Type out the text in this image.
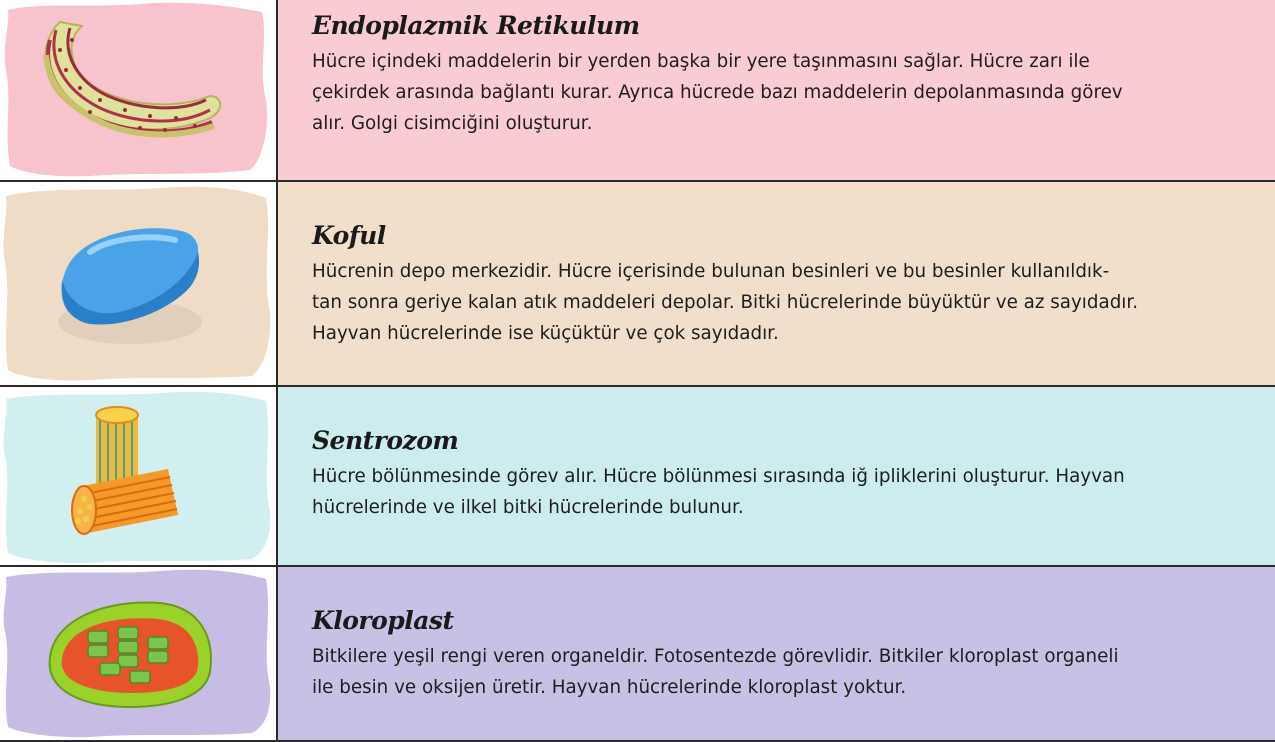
Endoplazmik Retikulum

Hücre içindeki maddelerin bir yerden başka bir yere taşınmasını sağlar. Hücre zarı ile
çekirdek arasında bağlantı kurar. Ayrıca hücrede bazı maddelerin depolanmasında görev
alır. Golgi cisimciğini oluşturur.

Koful

Hücrenin depo merkezidir. Hücre içerisinde bulunan besinleri ve bu besinler kullanıldık-
tan sonra geriye kalan atık maddeleri depolar. Bitki hücrelerinde büyüktür ve az sayıdadır.
Hayvan hücrelerinde ise küçüktür ve çok sayıdadır.

Sentrozom

Hücre bölünmesinde görev alır. Hücre bölünmesi sırasında iğ ipliklerini oluşturur. Hayvan
hücrelerinde ve ilkel bitki hücrelerinde bulunur.

Kloroplast

Bitkilere yeşil rengi veren organeldir. Fotosentezde görevlidir. Bitkiler kloroplast organeli
ile besin ve oksijen üretir. Hayvan hücrelerinde kloroplast yoktur.
